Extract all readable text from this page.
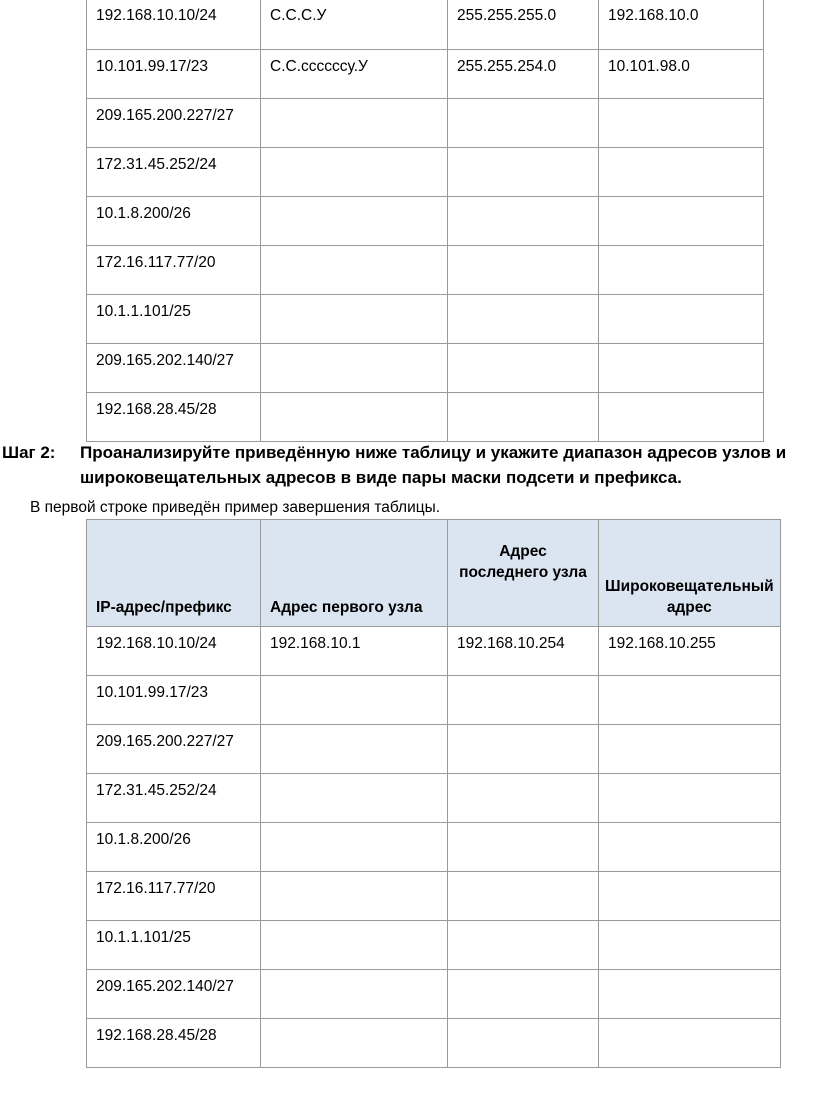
192.168.10.10/24	С.С.С.У	255.255.255.0	192.168.10.0
10.101.99.17/23	С.С.ссссссу.У	255.255.254.0	10.101.98.0
209.165.200.227/27			
172.31.45.252/24			
10.1.8.200/26			
172.16.117.77/20			
10.1.1.101/25			
209.165.202.140/27			
192.168.28.45/28			
Шаг 2: Проанализируйте приведённую ниже таблицу и укажите диапазон адресов узлов и широковещательных адресов в виде пары маски подсети и префикса.
В первой строке приведён пример завершения таблицы.
IP-адрес/префикс	Адрес первого узла	Адрес последнего узла	Широковещательный адрес
192.168.10.10/24	192.168.10.1	192.168.10.254	192.168.10.255
10.101.99.17/23			
209.165.200.227/27			
172.31.45.252/24			
10.1.8.200/26			
172.16.117.77/20			
10.1.1.101/25			
209.165.202.140/27			
192.168.28.45/28			
